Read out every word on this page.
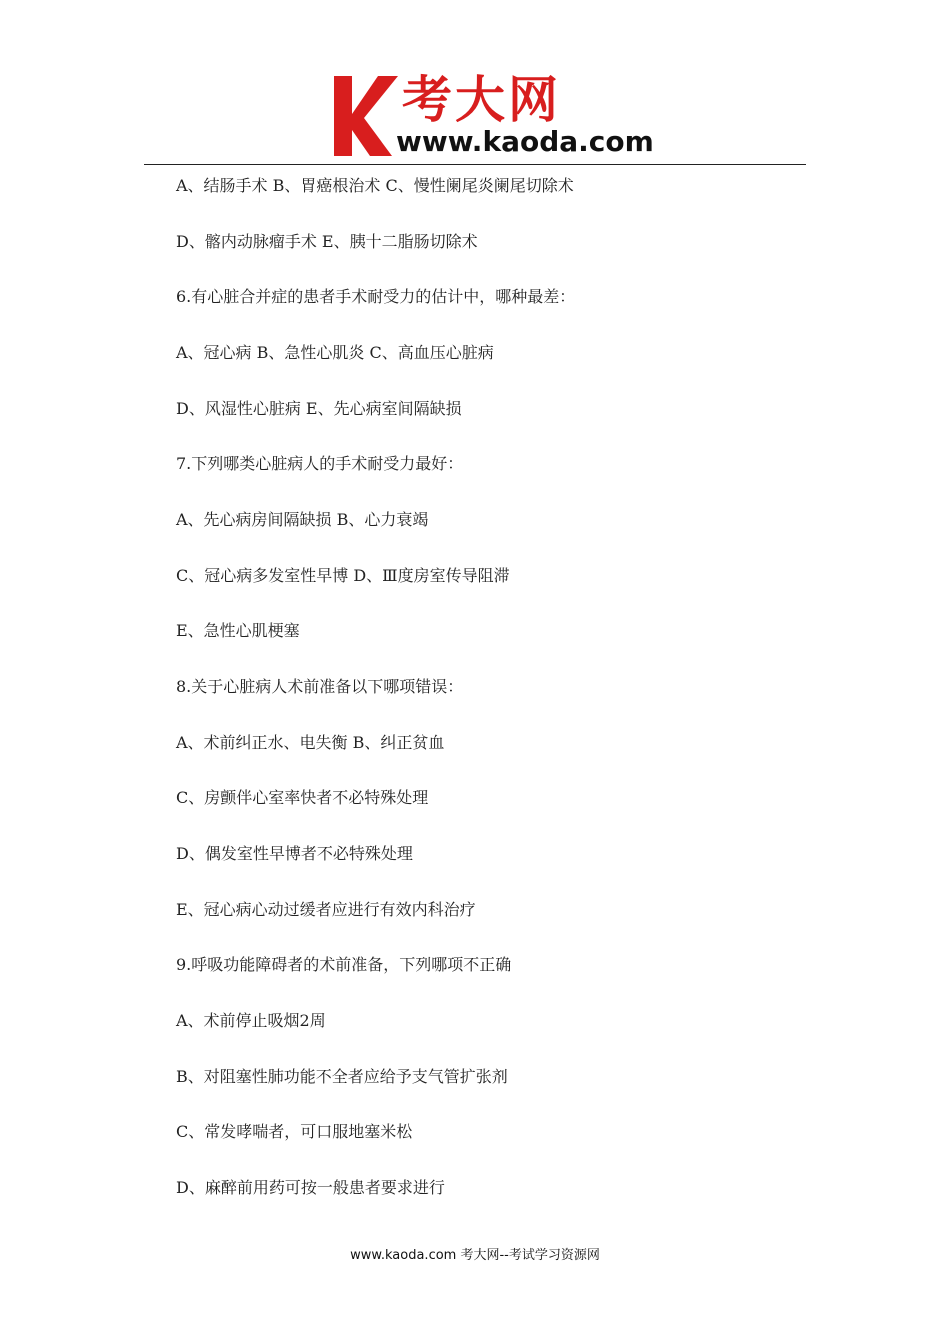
考大网
www.kaoda.com
A、结肠手术 B、胃癌根治术 C、慢性阑尾炎阑尾切除术
D、髂内动脉瘤手术 E、胰十二脂肠切除术
6.有心脏合并症的患者手术耐受力的估计中，哪种最差：
A、冠心病 B、急性心肌炎 C、高血压心脏病
D、风湿性心脏病 E、先心病室间隔缺损
7.下列哪类心脏病人的手术耐受力最好：
A、先心病房间隔缺损 B、心力衰竭
C、冠心病多发室性早博 D、Ⅲ度房室传导阻滞
E、急性心肌梗塞
8.关于心脏病人术前准备以下哪项错误：
A、术前纠正水、电失衡 B、纠正贫血
C、房颤伴心室率快者不必特殊处理
D、偶发室性早博者不必特殊处理
E、冠心病心动过缓者应进行有效内科治疗
9.呼吸功能障碍者的术前准备，下列哪项不正确
A、术前停止吸烟2周
B、对阻塞性肺功能不全者应给予支气管扩张剂
C、常发哮喘者，可口服地塞米松
D、麻醉前用药可按一般患者要求进行
www.kaoda.com 考大网--考试学习资源网
